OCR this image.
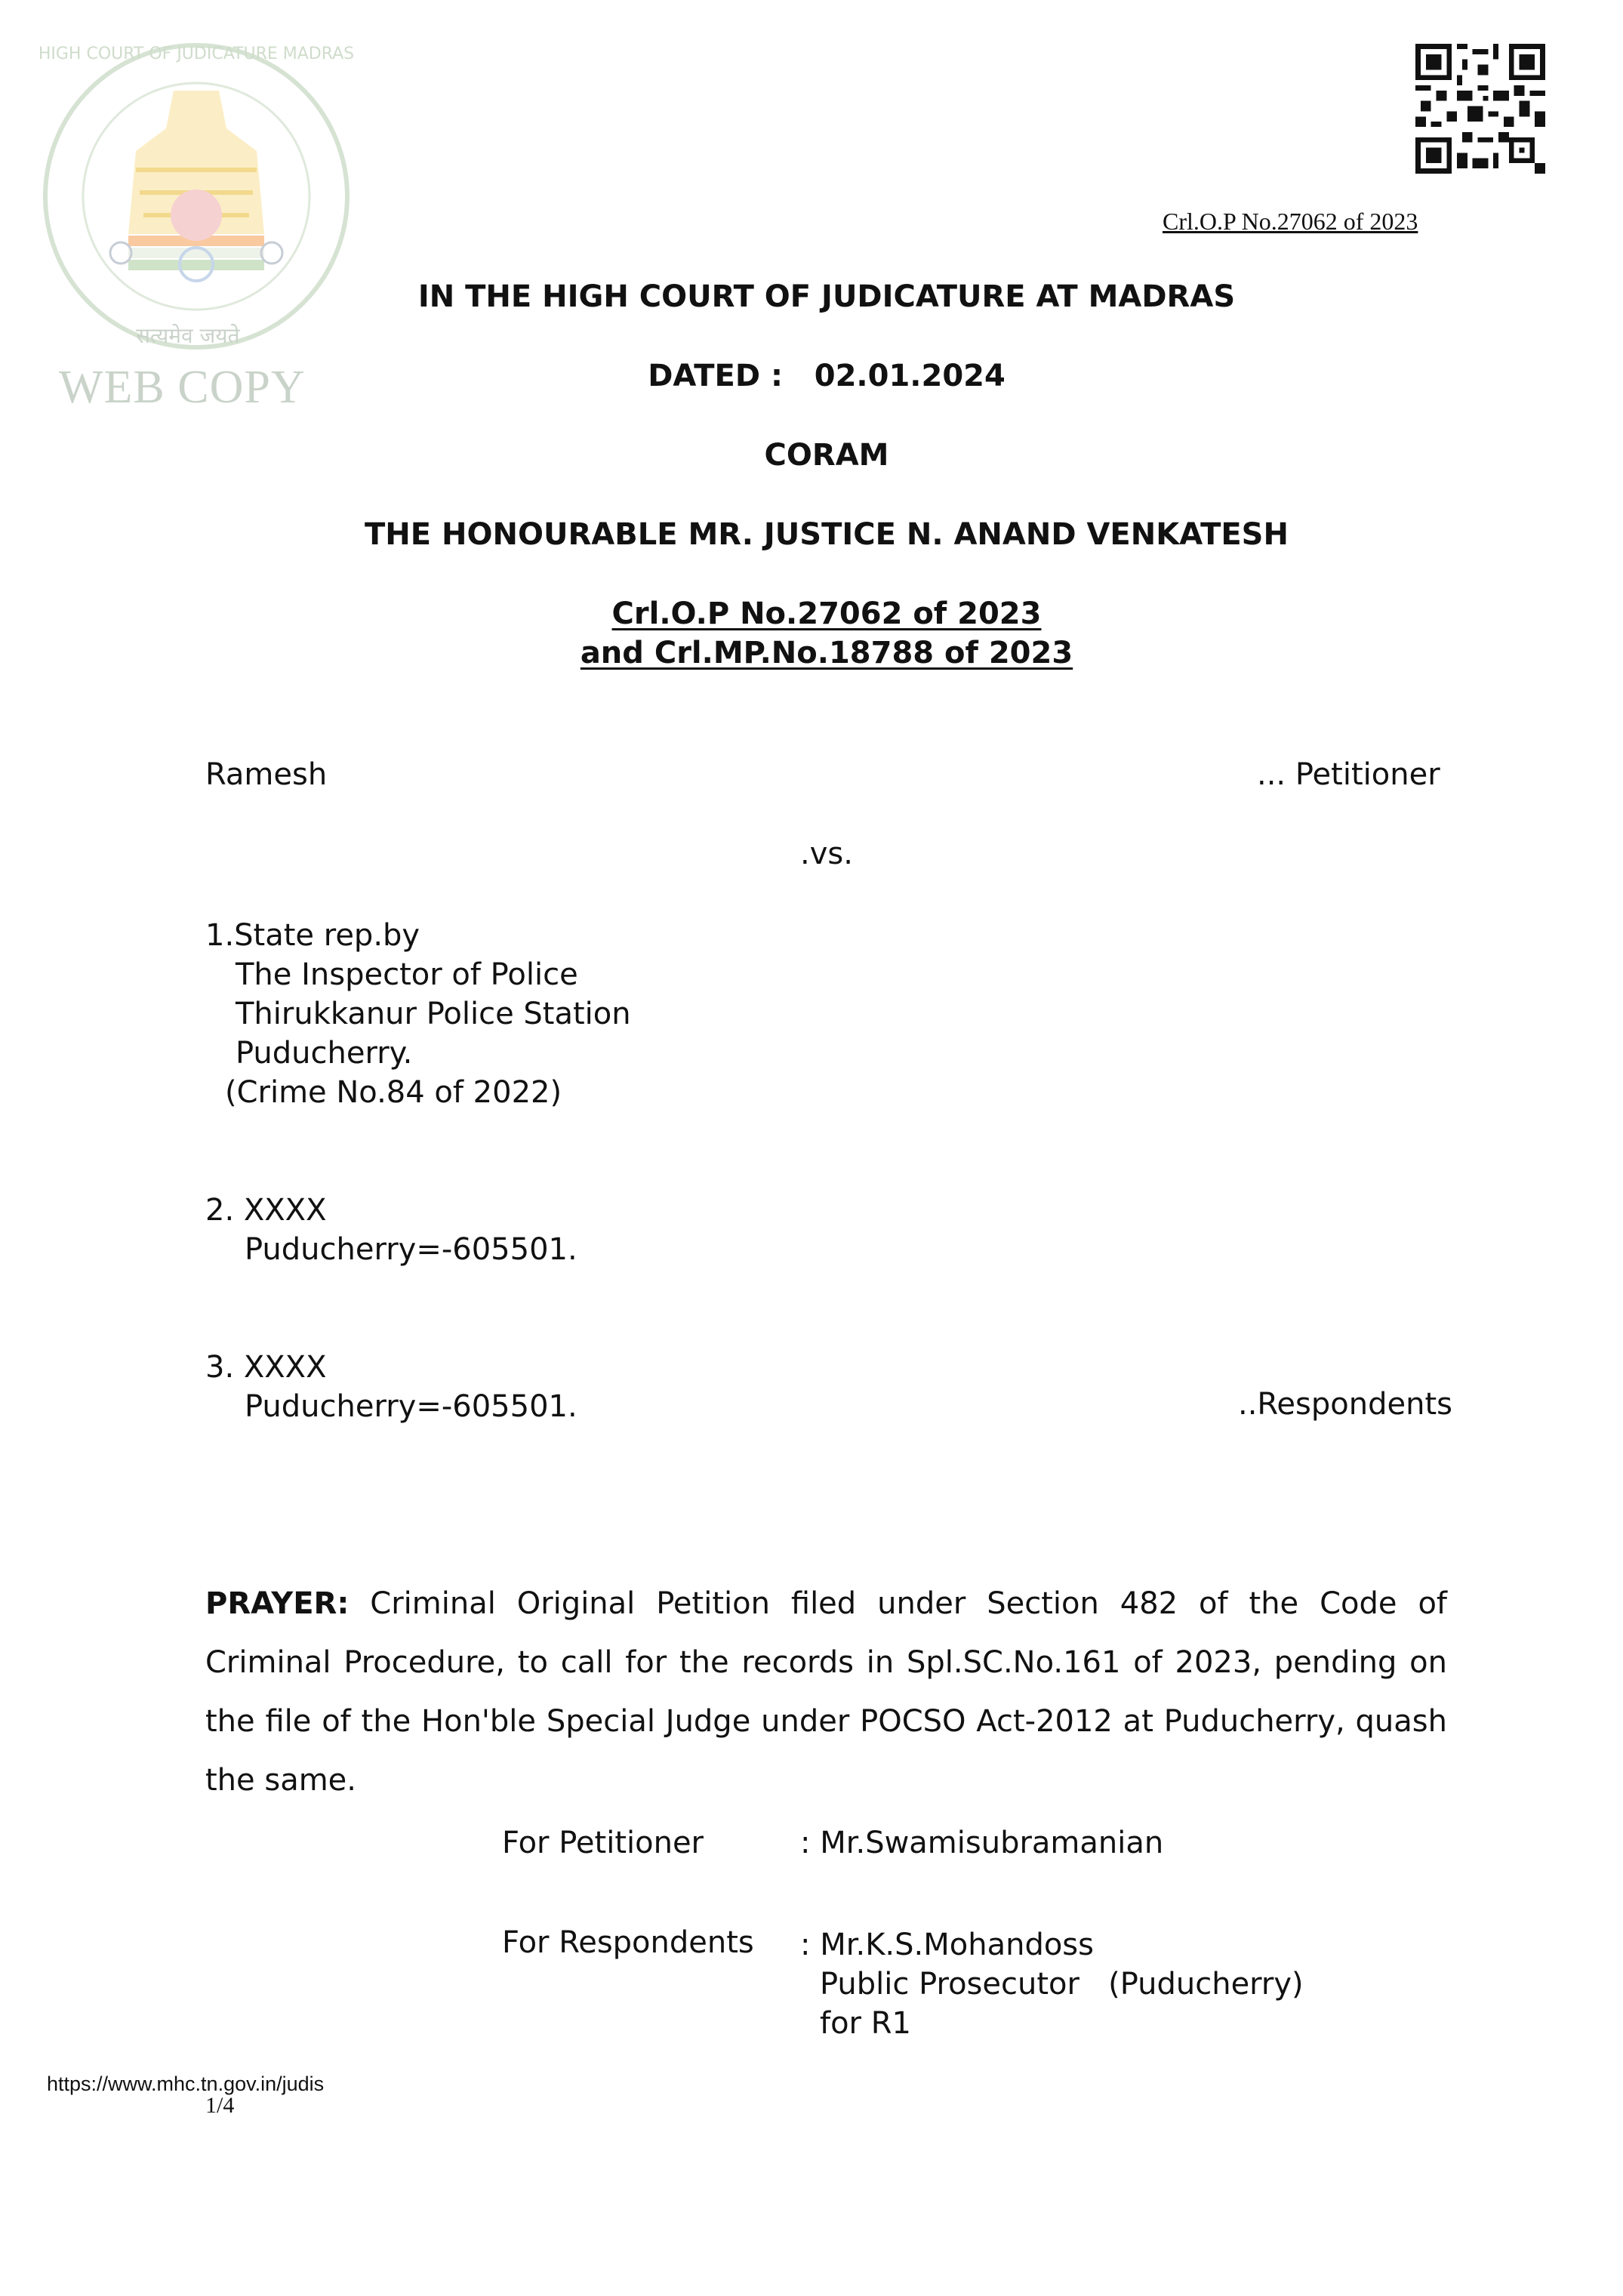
HIGH COURT OF JUDICATURE MADRAS
सत्यमेव जयते
WEB COPY
Crl.O.P No.27062 of 2023
IN THE HIGH COURT OF JUDICATURE AT MADRAS
DATED : 02.01.2024
CORAM
THE HONOURABLE MR. JUSTICE N. ANAND VENKATESH
Crl.O.P No.27062 of 2023
and Crl.MP.No.18788 of 2023
Ramesh	... Petitioner
.vs.
1.State rep.by
The Inspector of Police
Thirukkanur Police Station
Puducherry.
(Crime No.84 of 2022)
2. XXXX
Puducherry=-605501.
3. XXXX
Puducherry=-605501.	..Respondents
PRAYER: Criminal Original Petition filed under Section 482 of the Code of Criminal Procedure, to call for the records in Spl.SC.No.161 of 2023, pending on the file of the Hon'ble Special Judge under POCSO Act-2012 at Puducherry, quash the same.
For Petitioner	: Mr.Swamisubramanian
For Respondents : Mr.K.S.Mohandoss
Public Prosecutor (Puducherry)
for R1
https://www.mhc.tn.gov.in/judis
1/4
